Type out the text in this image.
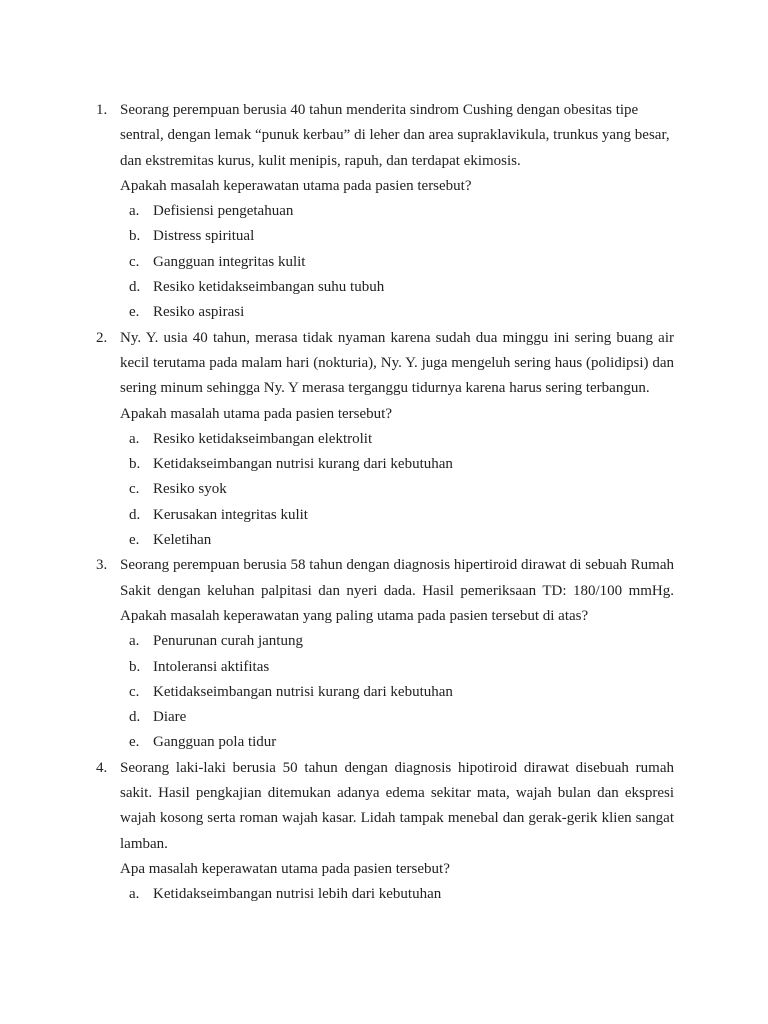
1. Seorang perempuan berusia 40 tahun menderita sindrom Cushing dengan obesitas tipe sentral, dengan lemak “punuk kerbau” di leher dan area supraklavikula, trunkus yang besar, dan ekstremitas kurus, kulit menipis, rapuh, dan terdapat ekimosis.
Apakah masalah keperawatan utama pada pasien tersebut?
a. Defisiensi pengetahuan
b. Distress spiritual
c. Gangguan integritas kulit
d. Resiko ketidakseimbangan suhu tubuh
e. Resiko aspirasi
2. Ny. Y. usia 40 tahun, merasa tidak nyaman karena sudah dua minggu ini sering buang air kecil terutama pada malam hari (nokturia), Ny. Y. juga mengeluh sering haus (polidipsi) dan sering minum sehingga Ny. Y merasa terganggu tidurnya karena harus sering terbangun.
Apakah masalah utama pada pasien tersebut?
a. Resiko ketidakseimbangan elektrolit
b. Ketidakseimbangan nutrisi kurang dari kebutuhan
c. Resiko syok
d. Kerusakan integritas kulit
e. Keletihan
3. Seorang perempuan berusia 58 tahun dengan diagnosis hipertiroid dirawat di sebuah Rumah Sakit dengan keluhan palpitasi dan nyeri dada. Hasil pemeriksaan TD: 180/100 mmHg. Apakah masalah keperawatan yang paling utama pada pasien tersebut di atas?
a. Penurunan curah jantung
b. Intoleransi aktifitas
c. Ketidakseimbangan nutrisi kurang dari kebutuhan
d. Diare
e. Gangguan pola tidur
4. Seorang laki-laki berusia 50 tahun dengan diagnosis hipotiroid dirawat disebuah rumah sakit. Hasil pengkajian ditemukan adanya edema sekitar mata, wajah bulan dan ekspresi wajah kosong serta roman wajah kasar. Lidah tampak menebal dan gerak-gerik klien sangat lamban.
Apa masalah keperawatan utama pada pasien tersebut?
a. Ketidakseimbangan nutrisi lebih dari kebutuhan
